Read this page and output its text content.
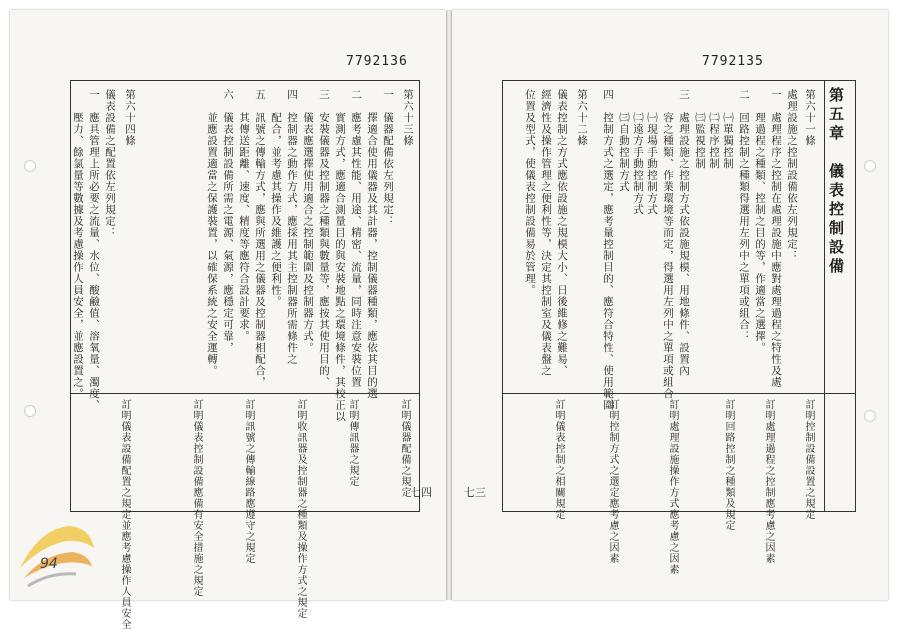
7792136
第六十三條
一　儀器配備依左列規定：
　　擇適合使用儀器及其計器，控制儀器種類，應依其目的選
二　應考慮其性能、用途、精密、流量，同時注意安裝位置
　　實測方式，應適合測量目的與安裝地點之環境條件，其校正以
三　安裝儀器及控制器之種類與數量等，應按其使用目的、
　　儀表應選擇使用適合之控制範圍及控制器方式。
四　控制器之動作方式，應採用其主控制器所需條件之
　　配合，並考慮其操作及維護之便利性。
五　訊號之傳輸方式，應與所選用之儀器及控制器相配合，
　　其傳送距離、速度、精度等應符合設計要求。
六　儀表控制設備所需之電源、氣源，應穩定可靠，
　　並應設置適當之保護裝置，以確保系統之安全運轉。
第六十四條
儀表設備之配置依左列規定：
一　應具管理上所必要之流量、水位、酸鹼值、溶氧量、濁度、
　　壓力、餘氯量等數據及考慮操作人員安全，並應設置之。
訂明儀器配備之規定
訂明傳訊器之規定
訂明收訊器及控制器之種類及操作方式之規定
訂明訊號之傳輸線路應遵守之規定
訂明儀表控制設備應備有安全措施之規定
訂明儀表設備配置之規定並應考慮操作人員安全	七四
7792135
第五章　儀表控制設備
第六十一條
處理設施之控制設備依左列規定：
一　處理程序之控制在處理設施中應對處理過程之特性及處
　　理過程之種類、控制之目的等，作適當之選擇。
二　回路控制之種類得選用左列中之單項或組合：
　　㈠單獨控制
　　㈡程序控制
　　㈢監視控制
三　處理設施之控制方式依設施規模、用地條件、設置內
　　容之種類、作業環境等而定，得選用左列中之單項或組合：
　　㈠現場手動控制方式
　　㈡遠方手動控制方式
　　㈢自動控制方式
四　控制方式之選定，應考量控制目的、應符合特性、使用範圍
第六十二條
儀表控制之方式應依設施之規模大小、日後維修之難易、
經濟性及操作管理之便利性等，決定其控制室及儀表盤之
位置及型式，使儀表控制設備易於管理。
訂明控制設備設置之規定
訂明處理過程之控制應考慮之因素
訂明回路控制之種類及規定
訂明處理設施操作方式應考慮之因素
訂明控制方式之選定應考慮之因素
訂明儀表控制之相關規定
七三
94
